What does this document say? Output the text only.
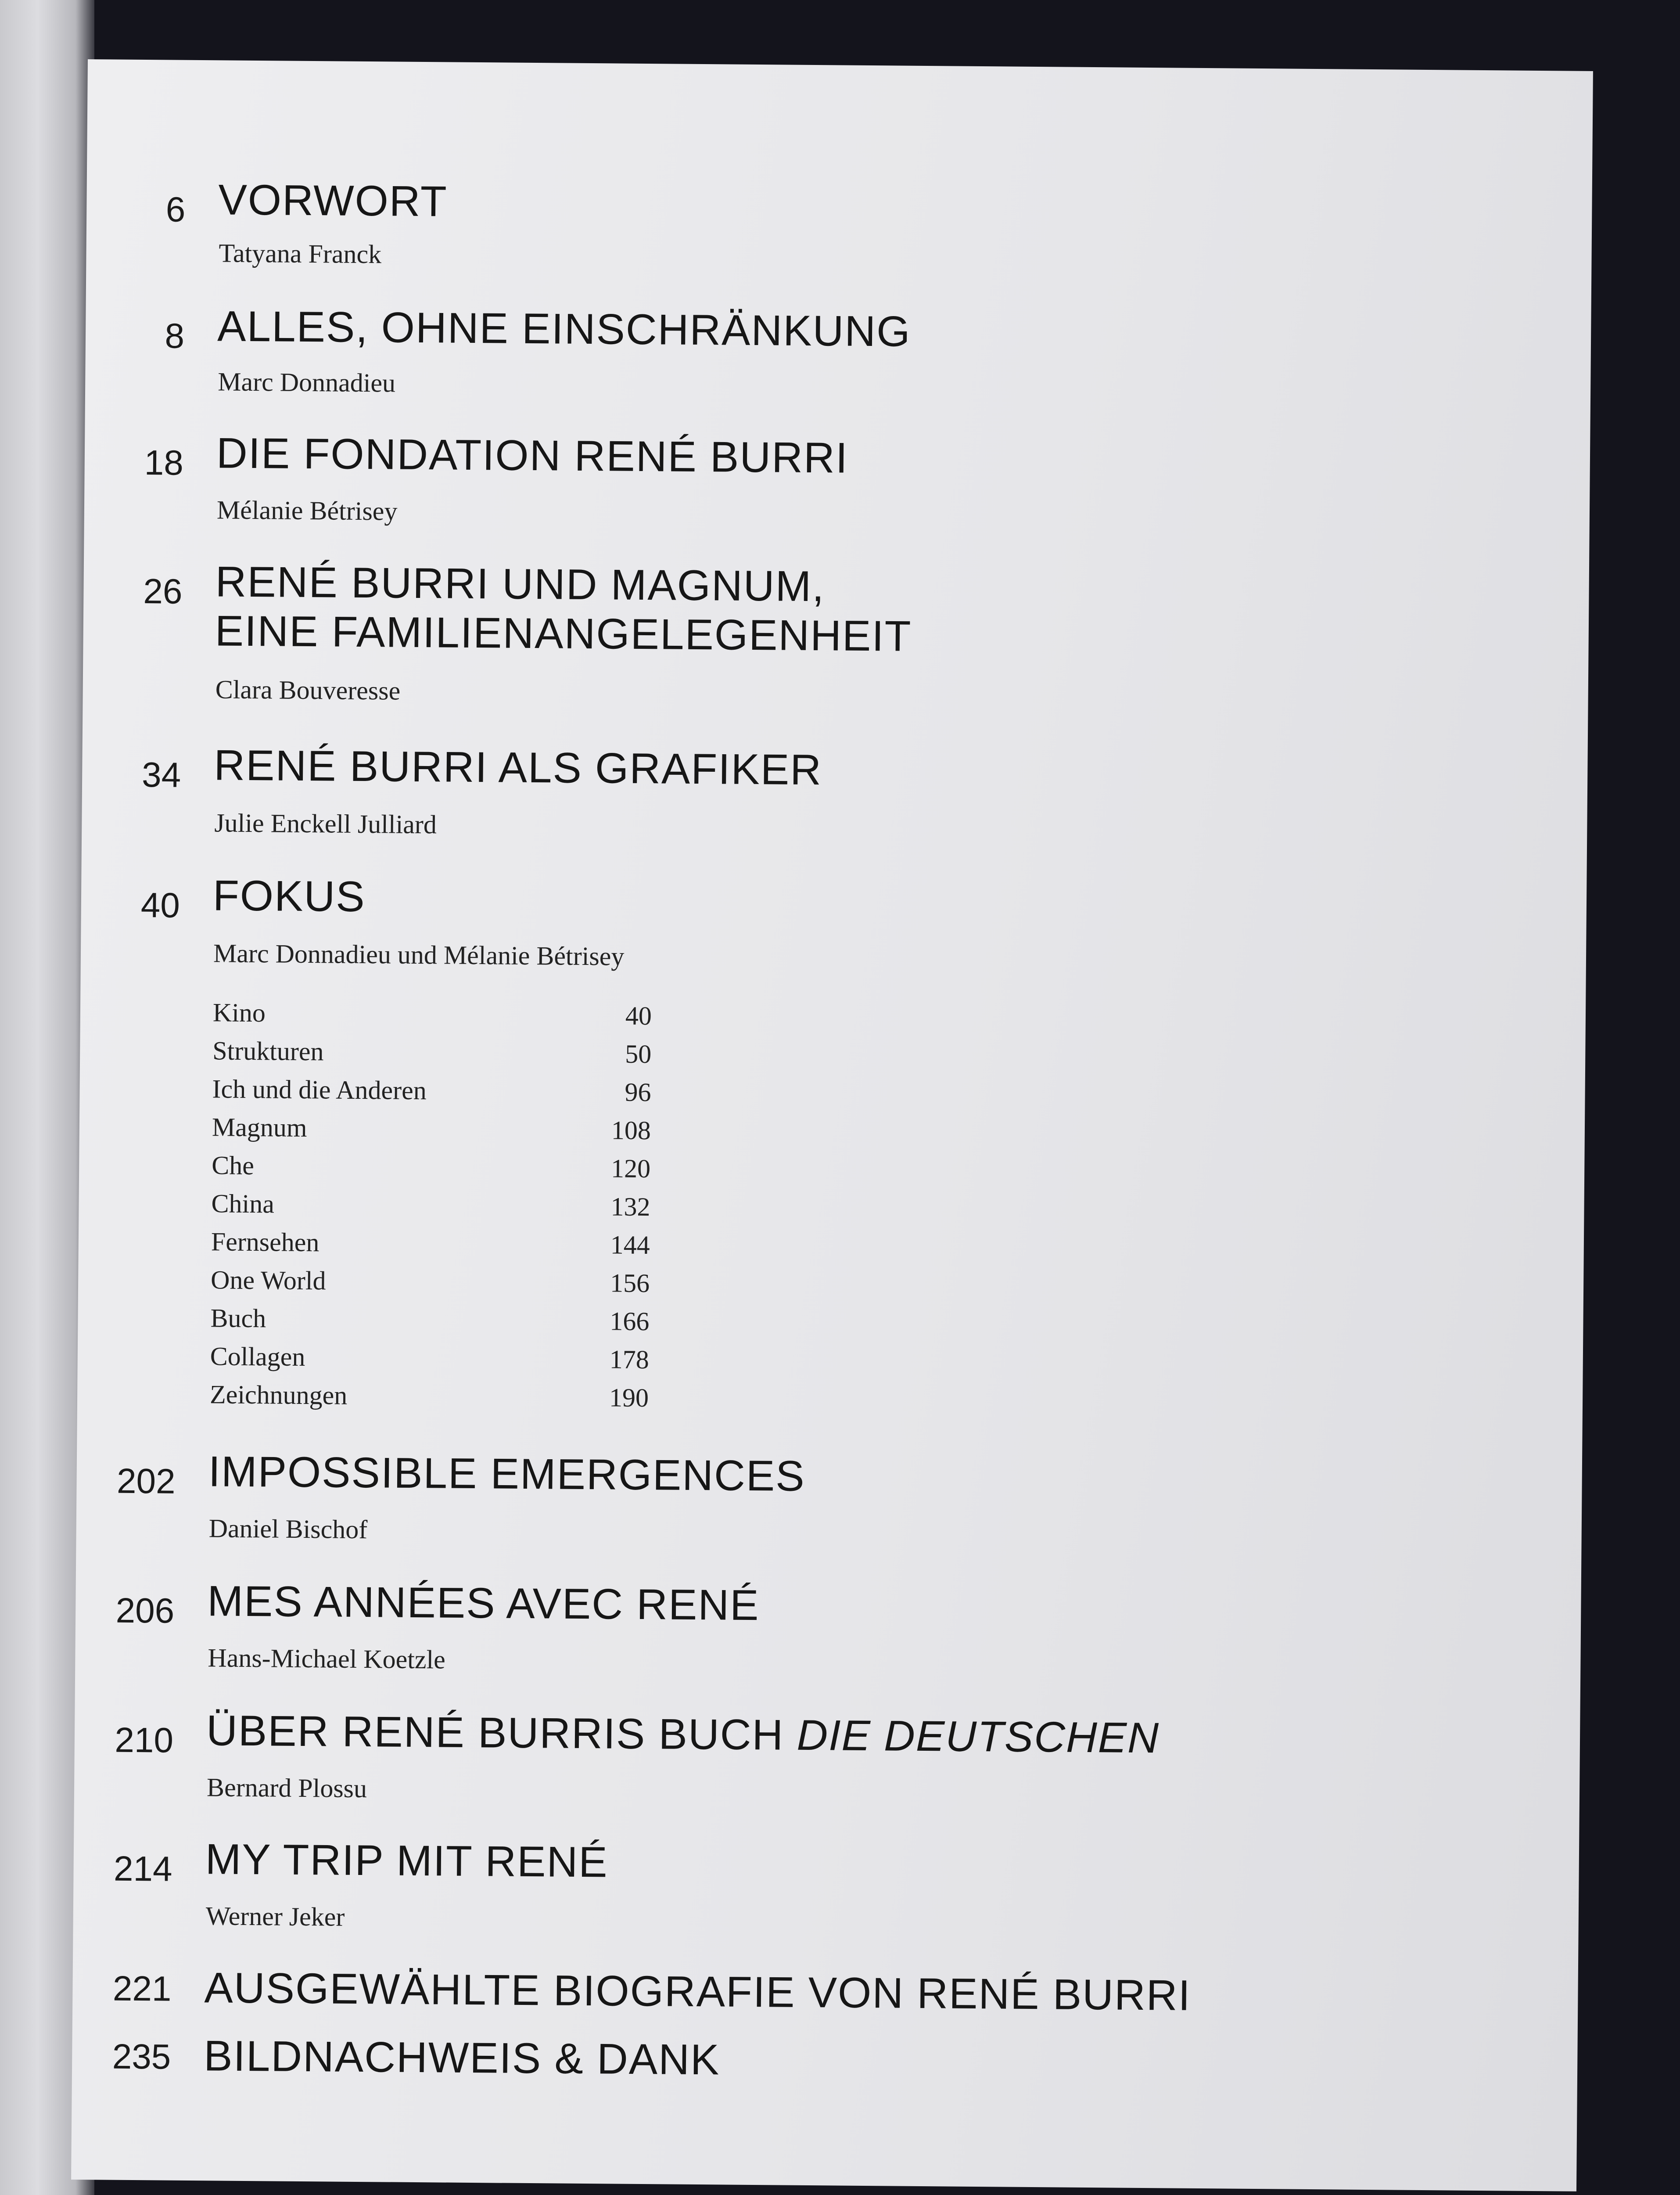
6 VORWORT
Tatyana Franck
8 ALLES, OHNE EINSCHRÄNKUNG
Marc Donnadieu
18 DIE FONDATION RENÉ BURRI
Mélanie Bétrisey
26 RENÉ BURRI UND MAGNUM,
EINE FAMILIENANGELEGENHEIT
Clara Bouveresse
34 RENÉ BURRI ALS GRAFIKER
Julie Enckell Julliard
40 FOKUS
Marc Donnadieu und Mélanie Bétrisey
Kino	40
Strukturen	50
Ich und die Anderen	96
Magnum	108
Che	120
China	132
Fernsehen	144
One World	156
Buch	166
Collagen	178
Zeichnungen	190
202 IMPOSSIBLE EMERGENCES
Daniel Bischof
206 MES ANNÉES AVEC RENÉ
Hans-Michael Koetzle
210 ÜBER RENÉ BURRIS BUCH DIE DEUTSCHEN
Bernard Plossu
214 MY TRIP MIT RENÉ
Werner Jeker
221 AUSGEWÄHLTE BIOGRAFIE VON RENÉ BURRI
235 BILDNACHWEIS & DANK
